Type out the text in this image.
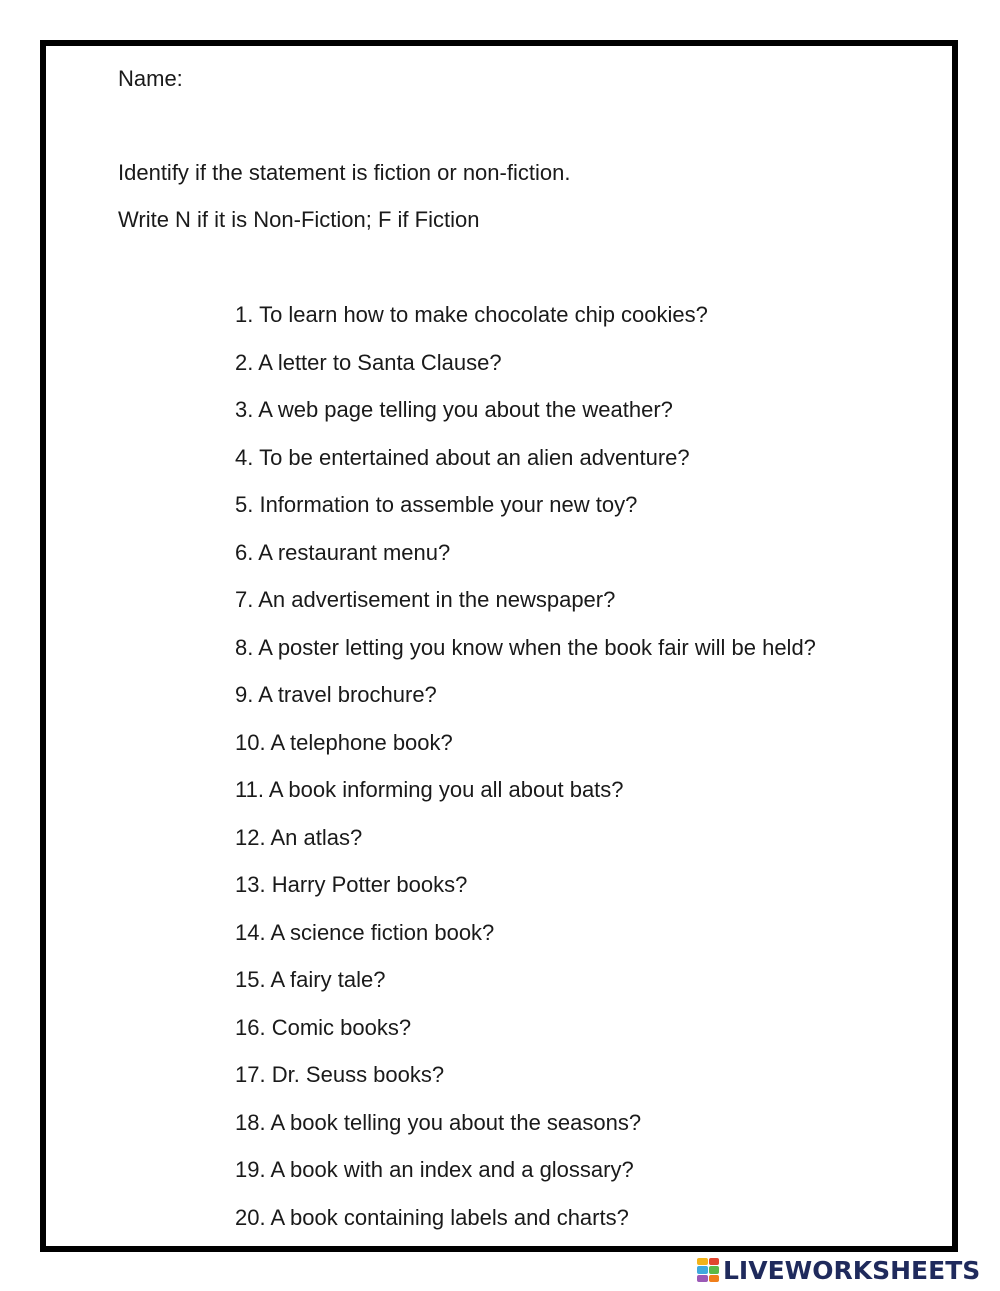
Name:
Identify if the statement is fiction or non-fiction.
Write N if it is Non-Fiction; F if Fiction
1. To learn how to make chocolate chip cookies?
2. A letter to Santa Clause?
3. A web page telling you about the weather?
4. To be entertained about an alien adventure?
5. Information to assemble your new toy?
6. A restaurant menu?
7. An advertisement in the newspaper?
8. A poster letting you know when the book fair will be held?
9. A travel brochure?
10. A telephone book?
11. A book informing you all about bats?
12. An atlas?
13. Harry Potter books?
14. A science fiction book?
15. A fairy tale?
16. Comic books?
17. Dr. Seuss books?
18. A book telling you about the seasons?
19. A book with an index and a glossary?
20. A book containing labels and charts?
LIVEWORKSHEETS
